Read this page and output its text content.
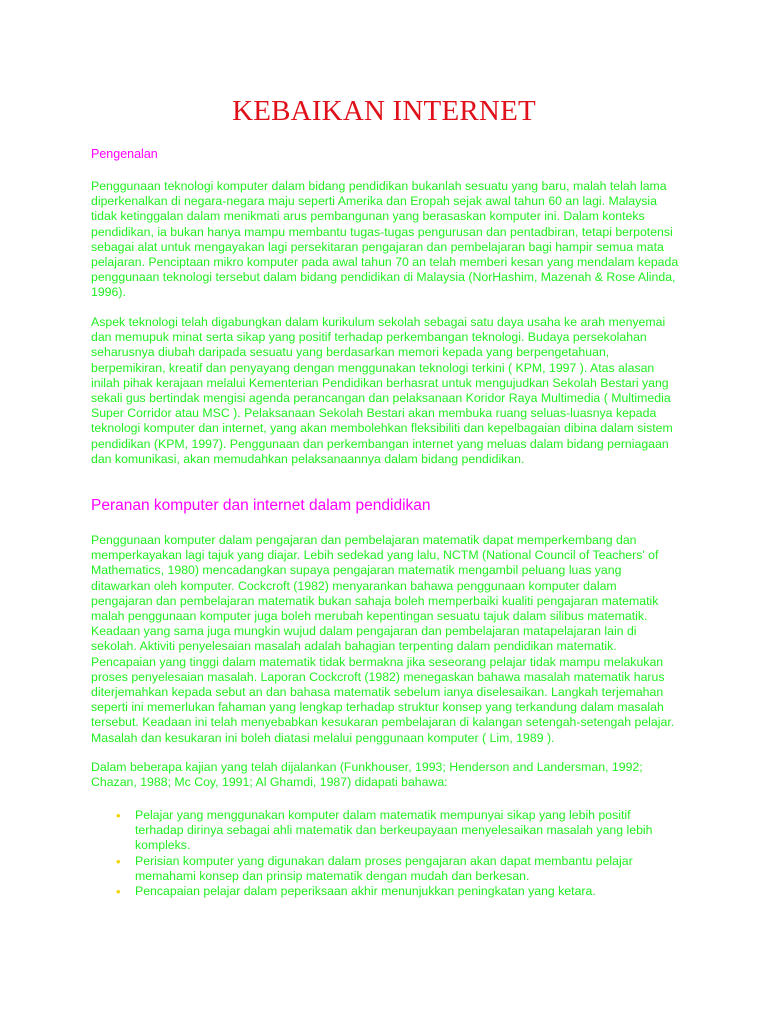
KEBAIKAN INTERNET
Pengenalan

Penggunaan teknologi komputer dalam bidang pendidikan bukanlah sesuatu yang baru, malah telah lama diperkenalkan di negara-negara maju seperti Amerika dan Eropah sejak awal tahun 60 an lagi. Malaysia tidak ketinggalan dalam menikmati arus pembangunan yang berasaskan komputer ini. Dalam konteks pendidikan, ia bukan hanya mampu membantu tugas-tugas pengurusan dan pentadbiran, tetapi berpotensi sebagai alat untuk mengayakan lagi persekitaran pengajaran dan pembelajaran bagi hampir semua mata pelajaran. Penciptaan mikro komputer pada awal tahun 70 an telah memberi kesan yang mendalam kepada penggunaan teknologi tersebut dalam bidang pendidikan di Malaysia (NorHashim, Mazenah & Rose Alinda, 1996).

Aspek teknologi telah digabungkan dalam kurikulum sekolah sebagai satu daya usaha ke arah menyemai dan memupuk minat serta sikap yang positif terhadap perkembangan teknologi. Budaya persekolahan seharusnya diubah daripada sesuatu yang berdasarkan memori kepada yang berpengetahuan, berpemikiran, kreatif dan penyayang dengan menggunakan teknologi terkini ( KPM, 1997 ). Atas alasan inilah pihak kerajaan melalui Kementerian Pendidikan berhasrat untuk mengujudkan Sekolah Bestari yang sekali gus bertindak mengisi agenda perancangan dan pelaksanaan Koridor Raya Multimedia ( Multimedia Super Corridor atau MSC ). Pelaksanaan Sekolah Bestari akan membuka ruang seluas-luasnya kepada teknologi komputer dan internet, yang akan membolehkan fleksibiliti dan kepelbagaian dibina dalam sistem pendidikan (KPM, 1997). Penggunaan dan perkembangan internet yang meluas dalam bidang perniagaan dan komunikasi, akan memudahkan pelaksanaannya dalam bidang pendidikan.

Peranan komputer dan internet dalam pendidikan

Penggunaan komputer dalam pengajaran dan pembelajaran matematik dapat memperkembang dan memperkayakan lagi tajuk yang diajar. Lebih sedekad yang lalu, NCTM (National Council of Teachers' of Mathematics, 1980) mencadangkan supaya pengajaran matematik mengambil peluang luas yang ditawarkan oleh komputer. Cockcroft (1982) menyarankan bahawa penggunaan komputer dalam pengajaran dan pembelajaran matematik bukan sahaja boleh memperbaiki kualiti pengajaran matematik malah penggunaan komputer juga boleh merubah kepentingan sesuatu tajuk dalam silibus matematik. Keadaan yang sama juga mungkin wujud dalam pengajaran dan pembelajaran matapelajaran lain di sekolah. Aktiviti penyelesaian masalah adalah bahagian terpenting dalam pendidikan matematik. Pencapaian yang tinggi dalam matematik tidak bermakna jika seseorang pelajar tidak mampu melakukan proses penyelesaian masalah. Laporan Cockcroft (1982) menegaskan bahawa masalah matematik harus diterjemahkan kepada sebut an dan bahasa matematik sebelum ianya diselesaikan. Langkah terjemahan seperti ini memerlukan fahaman yang lengkap terhadap struktur konsep yang terkandung dalam masalah tersebut. Keadaan ini telah menyebabkan kesukaran pembelajaran di kalangan setengah-setengah pelajar. Masalah dan kesukaran ini boleh diatasi melalui penggunaan komputer ( Lim, 1989 ).

Dalam beberapa kajian yang telah dijalankan (Funkhouser, 1993; Henderson and Landersman, 1992; Chazan, 1988; Mc Coy, 1991; Al Ghamdi, 1987) didapati bahawa:

• Pelajar yang menggunakan komputer dalam matematik mempunyai sikap yang lebih positif terhadap dirinya sebagai ahli matematik dan berkeupayaan menyelesaikan masalah yang lebih kompleks.
• Perisian komputer yang digunakan dalam proses pengajaran akan dapat membantu pelajar memahami konsep dan prinsip matematik dengan mudah dan berkesan.
• Pencapaian pelajar dalam peperiksaan akhir menunjukkan peningkatan yang ketara.
